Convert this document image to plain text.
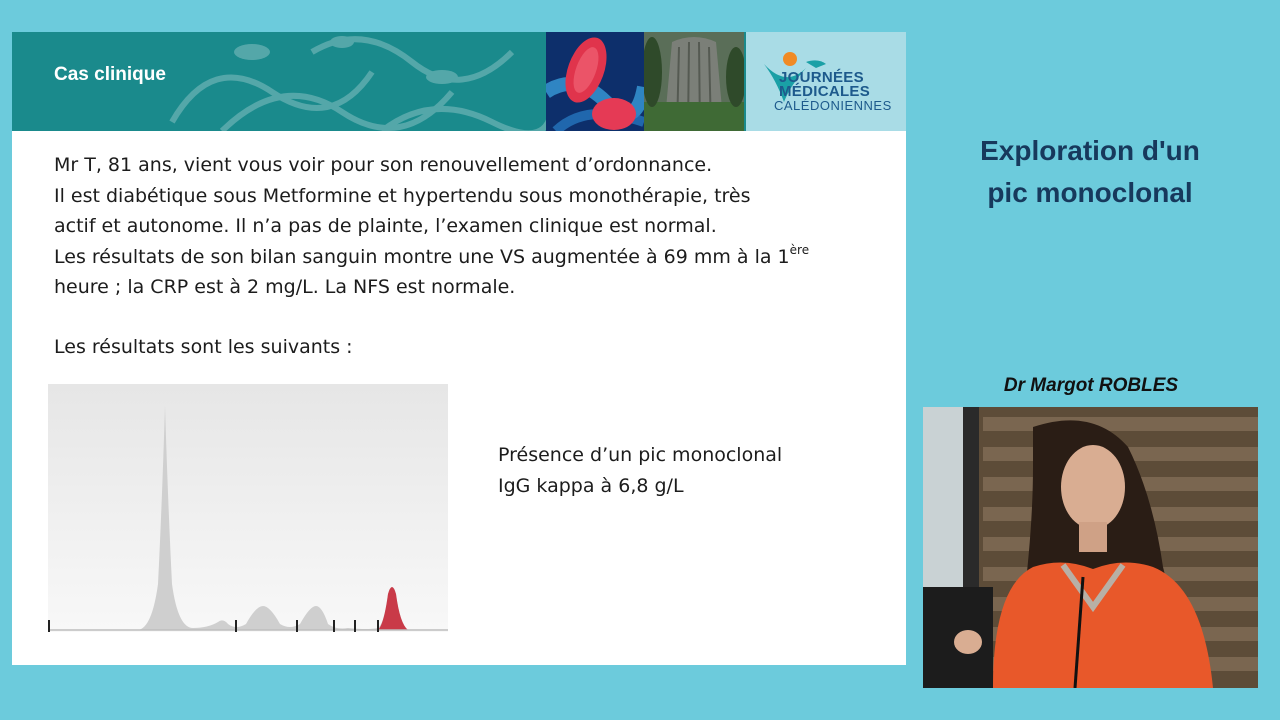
Cas clinique	JOURNÉES
MÉDICALES
CALÉDONIENNES

Mr T, 81 ans, vient vous voir pour son renouvellement d’ordonnance.

Il est diabétique sous Metformine et hypertendu sous monothérapie, très

actif et autonome. Il n’a pas de plainte, l’examen clinique est normal.

Les résultats de son bilan sanguin montre une VS augmentée à 69 mm à la 1ère

heure ; la CRP est à 2 mg/L. La NFS est normale.

Les résultats sont les suivants :
Présence d’un pic monoclonal
IgG kappa à 6,8 g/L
Exploration d'un
pic monoclonal
Dr Margot ROBLES
